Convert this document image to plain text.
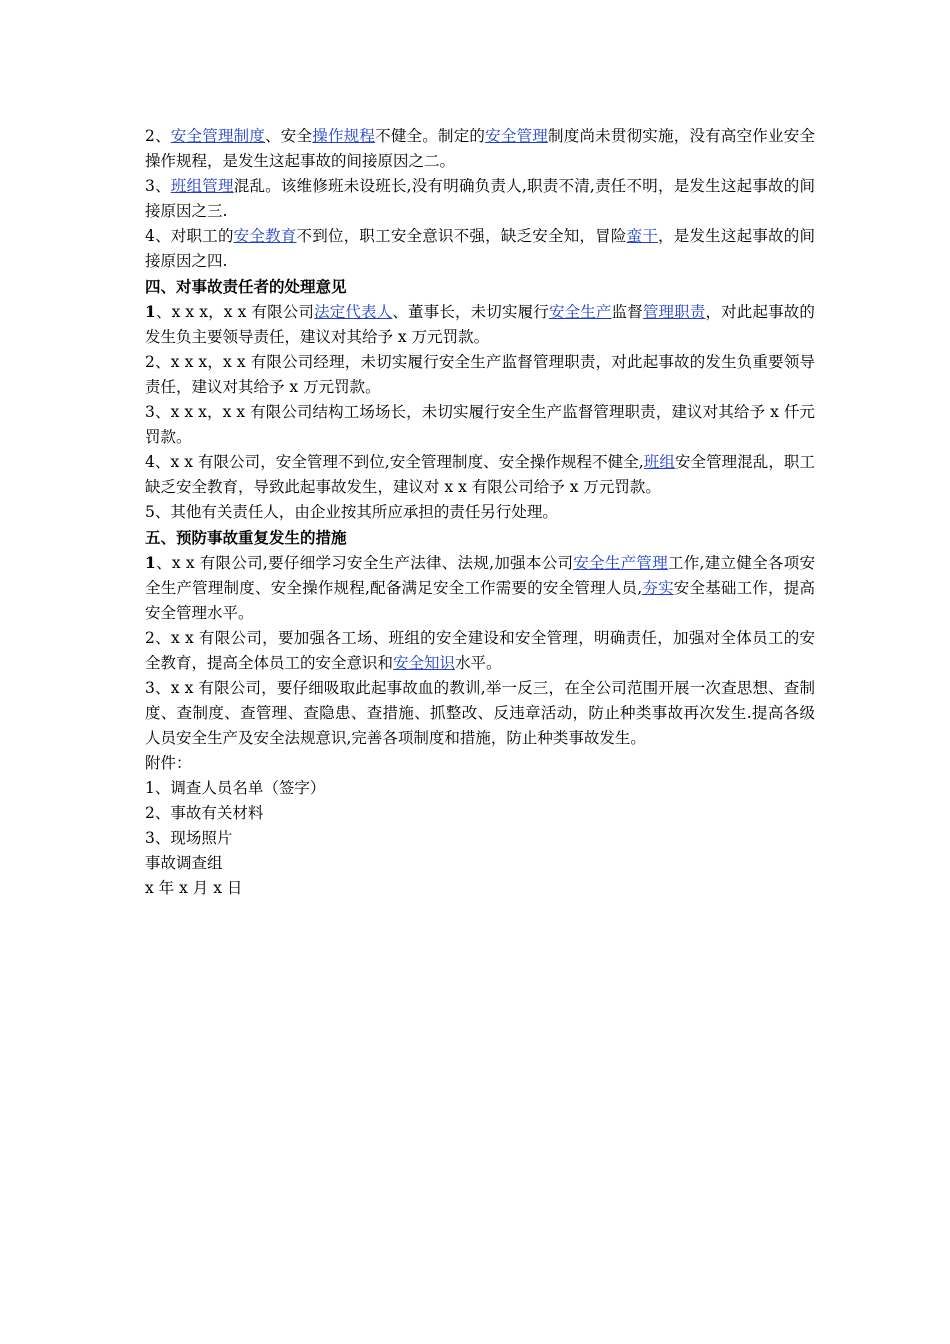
2、安全管理制度、安全操作规程不健全。制定的安全管理制度尚未贯彻实施，没有高空作业安全操作规程，是发生这起事故的间接原因之二。

3、班组管理混乱。该维修班未设班长,没有明确负责人,职责不清,责任不明，是发生这起事故的间接原因之三.

4、对职工的安全教育不到位，职工安全意识不强，缺乏安全知，冒险蛮干，是发生这起事故的间接原因之四.

四、对事故责任者的处理意见

1、x x x，x x 有限公司法定代表人、董事长，未切实履行安全生产监督管理职责，对此起事故的发生负主要领导责任，建议对其给予 x 万元罚款。

2、x x x，x x 有限公司经理，未切实履行安全生产监督管理职责，对此起事故的发生负重要领导责任，建议对其给予 x 万元罚款。

3、x x x，x x 有限公司结构工场场长，未切实履行安全生产监督管理职责，建议对其给予 x 仟元罚款。

4、x x 有限公司，安全管理不到位,安全管理制度、安全操作规程不健全,班组安全管理混乱，职工缺乏安全教育，导致此起事故发生，建议对 x x 有限公司给予 x 万元罚款。

5、其他有关责任人，由企业按其所应承担的责任另行处理。

五、预防事故重复发生的措施

1、x x 有限公司,要仔细学习安全生产法律、法规,加强本公司安全生产管理工作,建立健全各项安全生产管理制度、安全操作规程,配备满足安全工作需要的安全管理人员,夯实安全基础工作，提高安全管理水平。

2、x x 有限公司，要加强各工场、班组的安全建设和安全管理，明确责任，加强对全体员工的安全教育，提高全体员工的安全意识和安全知识水平。

3、x x 有限公司，要仔细吸取此起事故血的教训,举一反三，在全公司范围开展一次查思想、查制度、查制度、查管理、查隐患、查措施、抓整改、反违章活动，防止种类事故再次发生.提高各级人员安全生产及安全法规意识,完善各项制度和措施，防止种类事故发生。

附件：

1、调查人员名单（签字）

2、事故有关材料

3、现场照片

事故调查组

x 年 x 月 x 日
